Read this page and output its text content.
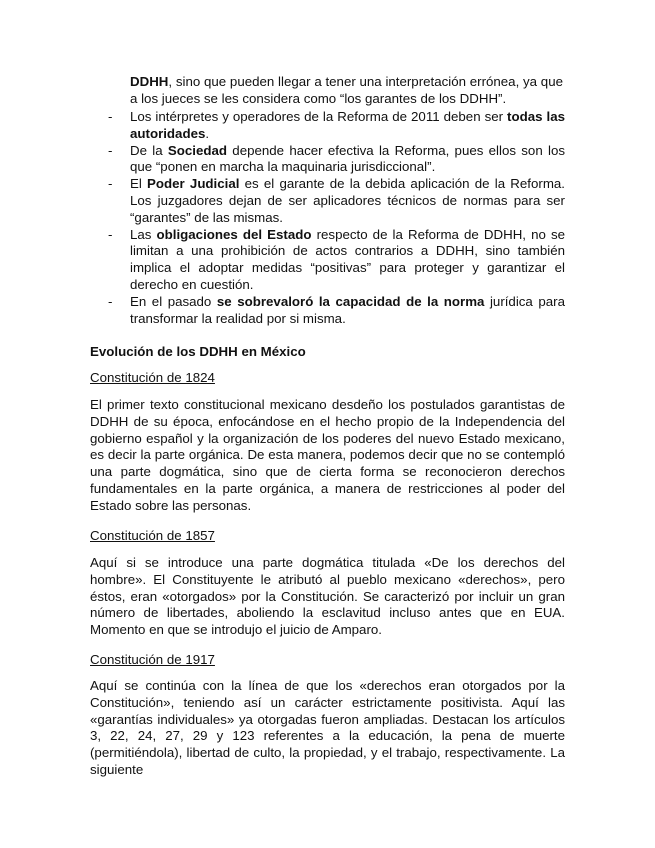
DDHH, sino que pueden llegar a tener una interpretación errónea, ya que a los jueces se les considera como “los garantes de los DDHH”.

- Los intérpretes y operadores de la Reforma de 2011 deben ser todas las autoridades.
- De la Sociedad depende hacer efectiva la Reforma, pues ellos son los que “ponen en marcha la maquinaria jurisdiccional”.
- El Poder Judicial es el garante de la debida aplicación de la Reforma. Los juzgadores dejan de ser aplicadores técnicos de normas para ser “garantes” de las mismas.
- Las obligaciones del Estado respecto de la Reforma de DDHH, no se limitan a una prohibición de actos contrarios a DDHH, sino también implica el adoptar medidas “positivas” para proteger y garantizar el derecho en cuestión.
- En el pasado se sobrevaloró la capacidad de la norma jurídica para transformar la realidad por si misma.
Evolución de los DDHH en México
Constitución de 1824

El primer texto constitucional mexicano desdeño los postulados garantistas de DDHH de su época, enfocándose en el hecho propio de la Independencia del gobierno español y la organización de los poderes del nuevo Estado mexicano, es decir la parte orgánica. De esta manera, podemos decir que no se contempló una parte dogmática, sino que de cierta forma se reconocieron derechos fundamentales en la parte orgánica, a manera de restricciones al poder del Estado sobre las personas.

Constitución de 1857

Aquí si se introduce una parte dogmática titulada «De los derechos del hombre». El Constituyente le atributó al pueblo mexicano «derechos», pero éstos, eran «otorgados» por la Constitución. Se caracterizó por incluir un gran número de libertades, aboliendo la esclavitud incluso antes que en EUA. Momento en que se introdujo el juicio de Amparo.

Constitución de 1917

Aquí se continúa con la línea de que los «derechos eran otorgados por la Constitución», teniendo así un carácter estrictamente positivista. Aquí las «garantías individuales» ya otorgadas fueron ampliadas. Destacan los artículos 3, 22, 24, 27, 29 y 123 referentes a la educación, la pena de muerte (permitiéndola), libertad de culto, la propiedad, y el trabajo, respectivamente. La siguiente
